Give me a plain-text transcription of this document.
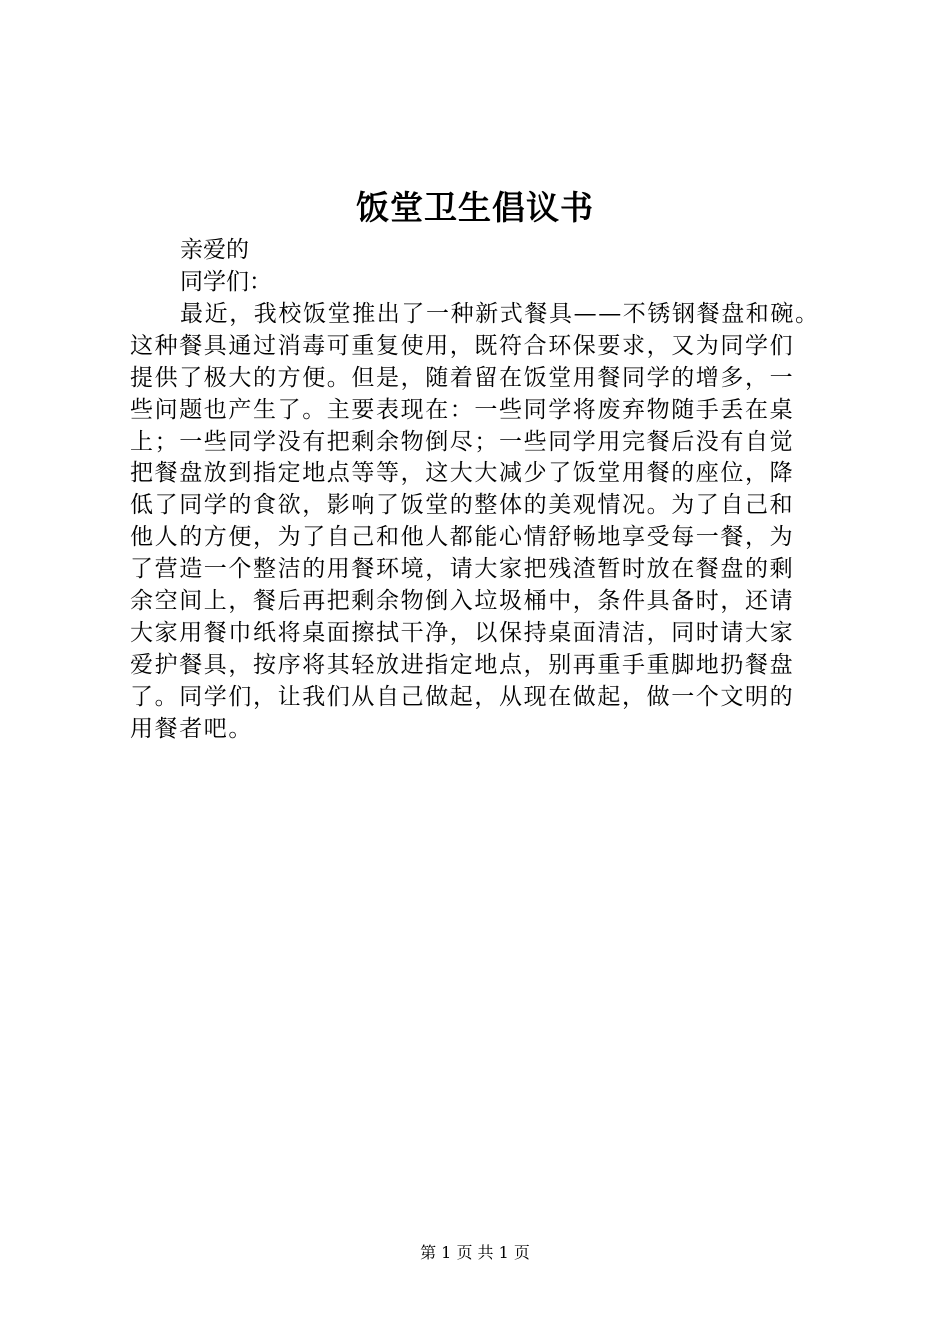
饭堂卫生倡议书
亲爱的
同学们：
最近，我校饭堂推出了一种新式餐具——不锈钢餐盘和碗。
这种餐具通过消毒可重复使用，既符合环保要求，又为同学们
提供了极大的方便。但是，随着留在饭堂用餐同学的增多，一
些问题也产生了。主要表现在：一些同学将废弃物随手丢在桌
上；一些同学没有把剩余物倒尽；一些同学用完餐后没有自觉
把餐盘放到指定地点等等，这大大减少了饭堂用餐的座位，降
低了同学的食欲，影响了饭堂的整体的美观情况。为了自己和
他人的方便，为了自己和他人都能心情舒畅地享受每一餐，为
了营造一个整洁的用餐环境，请大家把残渣暂时放在餐盘的剩
余空间上，餐后再把剩余物倒入垃圾桶中，条件具备时，还请
大家用餐巾纸将桌面擦拭干净，以保持桌面清洁，同时请大家
爱护餐具，按序将其轻放进指定地点，别再重手重脚地扔餐盘
了。同学们，让我们从自己做起，从现在做起，做一个文明的
用餐者吧。
第 1 页 共 1 页
